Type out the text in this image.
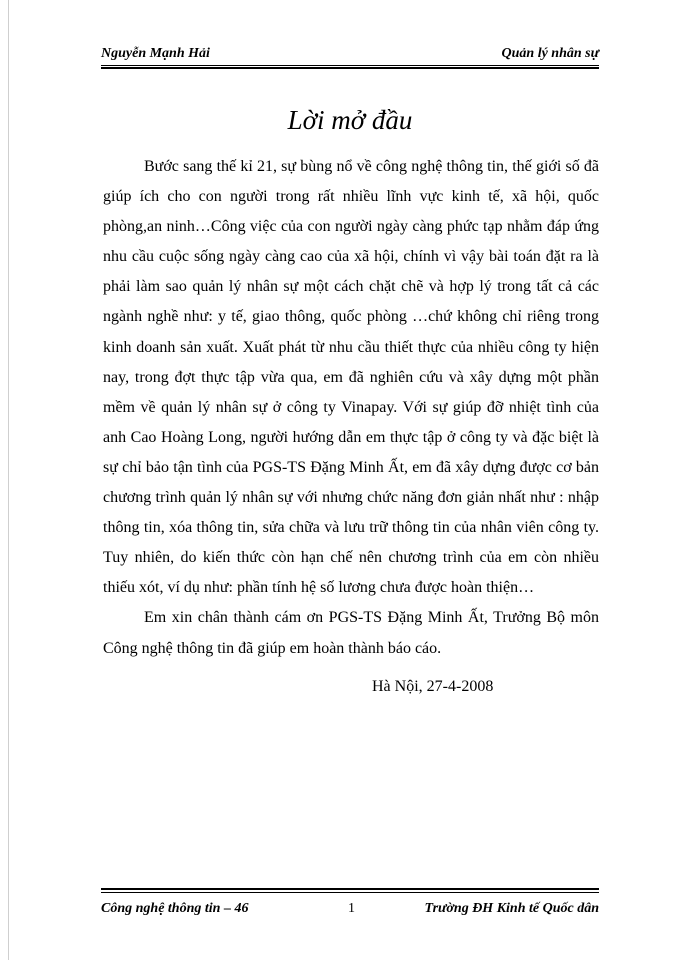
Nguyễn Mạnh Hải	Quản lý nhân sự
Lời mở đầu

Bước sang thế kỉ 21, sự bùng nổ về công nghệ thông tin, thế giới số đã giúp ích cho con người trong rất nhiều lĩnh vực kinh tế, xã hội, quốc phòng,an ninh…Công việc của con người ngày càng phức tạp nhằm đáp ứng nhu cầu cuộc sống ngày càng cao của xã hội, chính vì vậy bài toán đặt ra là phải làm sao quản lý nhân sự một cách chặt chẽ và hợp lý trong tất cả các ngành nghề như: y tế, giao thông, quốc phòng …chứ không chỉ riêng trong kinh doanh sản xuất. Xuất phát từ nhu cầu thiết thực của nhiều công ty hiện nay, trong đợt thực tập vừa qua, em đã nghiên cứu và xây dựng một phần mềm về quản lý nhân sự ở công ty Vinapay. Với sự giúp đỡ nhiệt tình của anh Cao Hoàng Long, người hướng dẫn em thực tập ở công ty và đặc biệt là sự chỉ bảo tận tình của PGS-TS Đặng Minh Ất, em đã xây dựng được cơ bản chương trình quản lý nhân sự với nhưng chức năng đơn giản nhất như : nhập thông tin, xóa thông tin, sửa chữa và lưu trữ thông tin của nhân viên công ty. Tuy nhiên, do kiến thức còn hạn chế nên chương trình của em còn nhiều thiếu xót, ví dụ như: phần tính hệ số lương chưa được hoàn thiện…

Em xin chân thành cám ơn PGS-TS Đặng Minh Ất, Trưởng Bộ môn Công nghệ thông tin đã giúp em hoàn thành báo cáo.

Hà Nội, 27-4-2008
Công nghệ thông tin – 46	1	Trường ĐH Kinh tế Quốc dân
